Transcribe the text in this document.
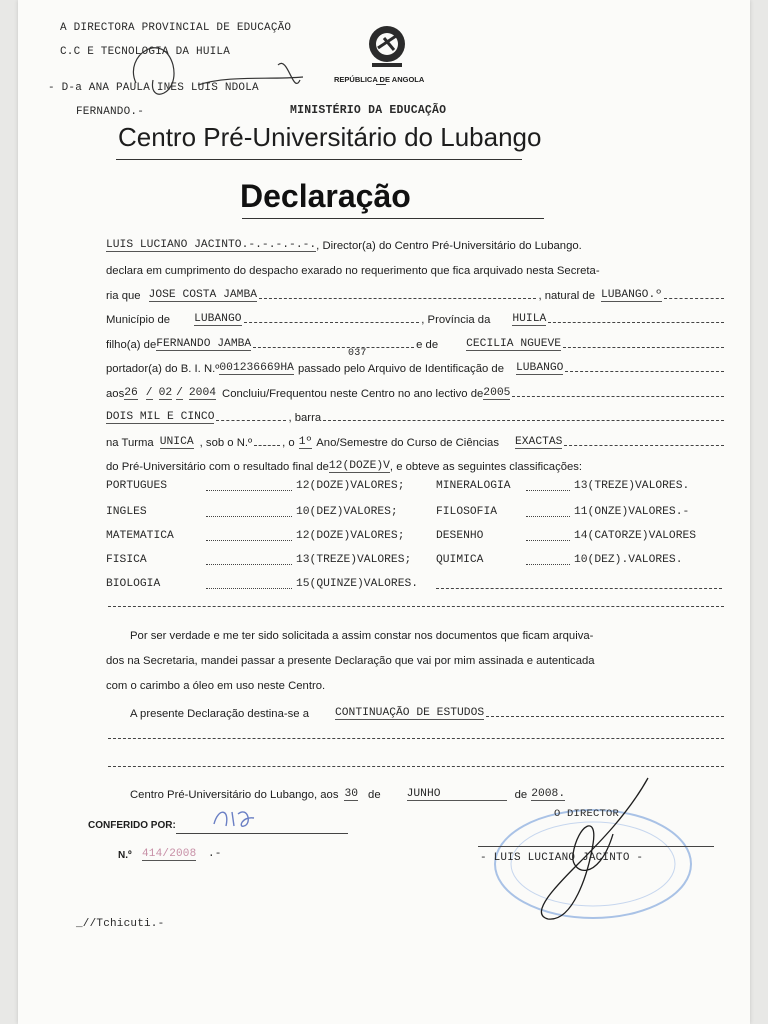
A DIRECTORA PROVINCIAL DE EDUCAÇÃO
C.C E TECNOLOGIA DA HUILA
- D-a ANA PAULA INES LUIS NDOLA
FERNANDO.-
REPÚBLICA DE ANGOLA
MINISTÉRIO DA EDUCAÇÃO
Centro Pré-Universitário do Lubango
Declaração
LUIS LUCIANO JACINTO.-.-.-.-.-. , Director(a) do Centro Pré-Universitário do Lubango.
declara em cumprimento do despacho exarado no requerimento que fica arquivado nesta Secreta-
ria que JOSE COSTA JAMBA	, natural de LUBANGO.º
Município de LUBANGO	, Província da HUILA
filho(a) de FERNANDO JAMBA	e de CECILIA NGUEVE
037
portador(a) do B. I. N.º 001236669HA passado pelo Arquivo de Identificação de LUBANGO
aos 26 / 02 / 2004 Concluiu/Frequentou neste Centro no ano lectivo de 2005
DOIS MIL E CINCO	, barra
na Turma UNICA , sob o N.º	, o 1º Ano/Semestre do Curso de Ciências EXACTAS
do Pré-Universitário com o resultado final de 12(DOZE)V , e obteve as seguintes classificações:
PORTUGUES	12(DOZE)VALORES;	MINERALOGIA	13(TREZE)VALORES.
INGLES	10(DEZ)VALORES;	FILOSOFIA	11(ONZE)VALORES.-
MATEMATICA	12(DOZE)VALORES;	DESENHO	14(CATORZE)VALORES
FISICA	13(TREZE)VALORES; QUIMICA	10(DEZ).VALORES.
BIOLOGIA	15(QUINZE)VALORES.
Por ser verdade e me ter sido solicitada a assim constar nos documentos que ficam arquiva-
dos na Secretaria, mandei passar a presente Declaração que vai por mim assinada e autenticada
com o carimbo a óleo em uso neste Centro.
A presente Declaração destina-se a CONTINUAÇÃO DE ESTUDOS
Centro Pré-Universitário do Lubango, aos 30 de JUNHO	de 2008.
CONFERIDO POR:
N.º 414/2008 .-
O DIRECTOR
- LUIS LUCIANO JACINTO -
_//Tchicuti.-
